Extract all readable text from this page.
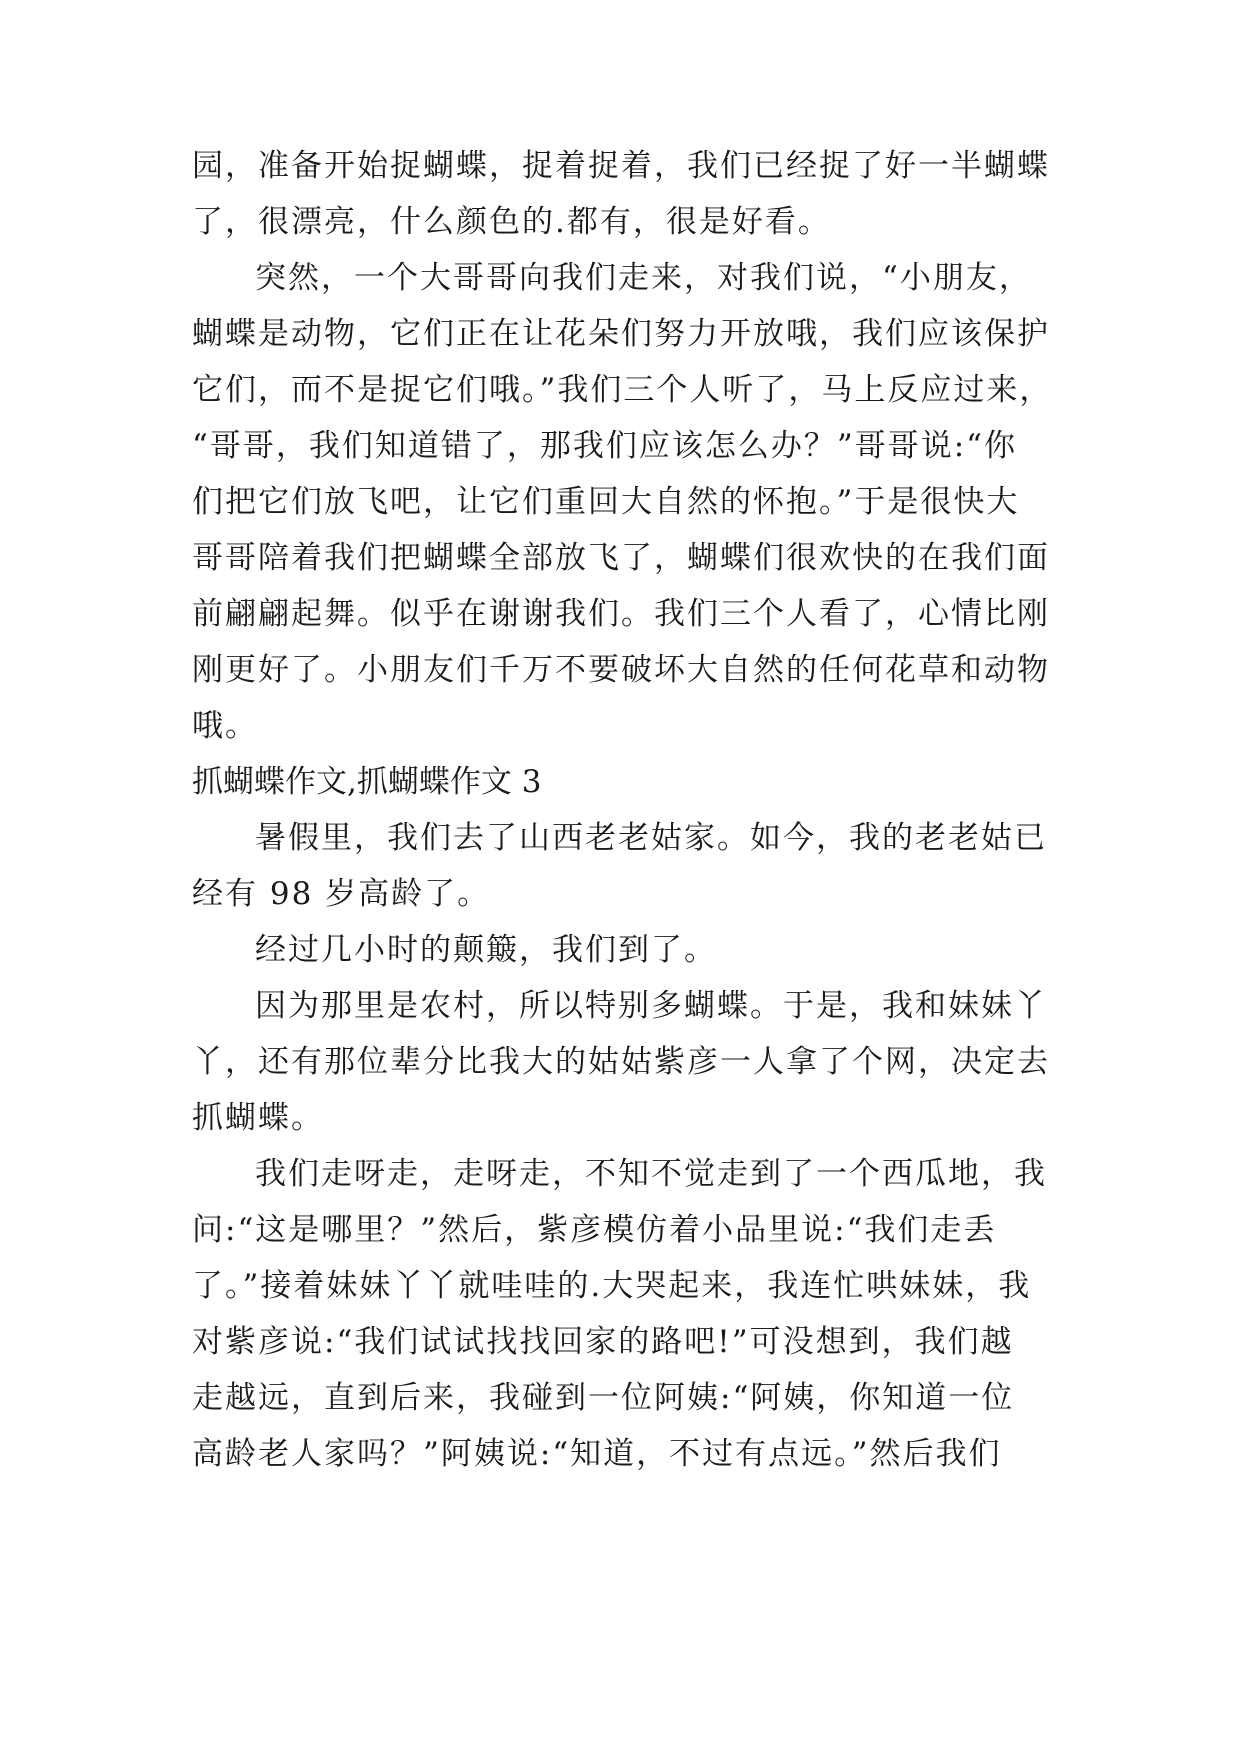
园，准备开始捉蝴蝶，捉着捉着，我们已经捉了好一半蝴蝶
了，很漂亮，什么颜色的.都有，很是好看。
突然，一个大哥哥向我们走来，对我们说，“小朋友，
蝴蝶是动物，它们正在让花朵们努力开放哦，我们应该保护
它们，而不是捉它们哦。”我们三个人听了，马上反应过来，
“哥哥，我们知道错了，那我们应该怎么办？”哥哥说:“你
们把它们放飞吧，让它们重回大自然的怀抱。”于是很快大
哥哥陪着我们把蝴蝶全部放飞了，蝴蝶们很欢快的在我们面
前翩翩起舞。似乎在谢谢我们。我们三个人看了，心情比刚
刚更好了。小朋友们千万不要破坏大自然的任何花草和动物
哦。
抓蝴蝶作文,抓蝴蝶作文 3
暑假里，我们去了山西老老姑家。如今，我的老老姑已
经有 98 岁高龄了。
经过几小时的颠簸，我们到了。
因为那里是农村，所以特别多蝴蝶。于是，我和妹妹丫
丫，还有那位辈分比我大的姑姑紫彦一人拿了个网，决定去
抓蝴蝶。
我们走呀走，走呀走，不知不觉走到了一个西瓜地，我
问:“这是哪里？”然后，紫彦模仿着小品里说:“我们走丢
了。”接着妹妹丫丫就哇哇的.大哭起来，我连忙哄妹妹，我
对紫彦说:“我们试试找找回家的路吧!”可没想到，我们越
走越远，直到后来，我碰到一位阿姨:“阿姨，你知道一位
高龄老人家吗？”阿姨说:“知道，不过有点远。”然后我们
